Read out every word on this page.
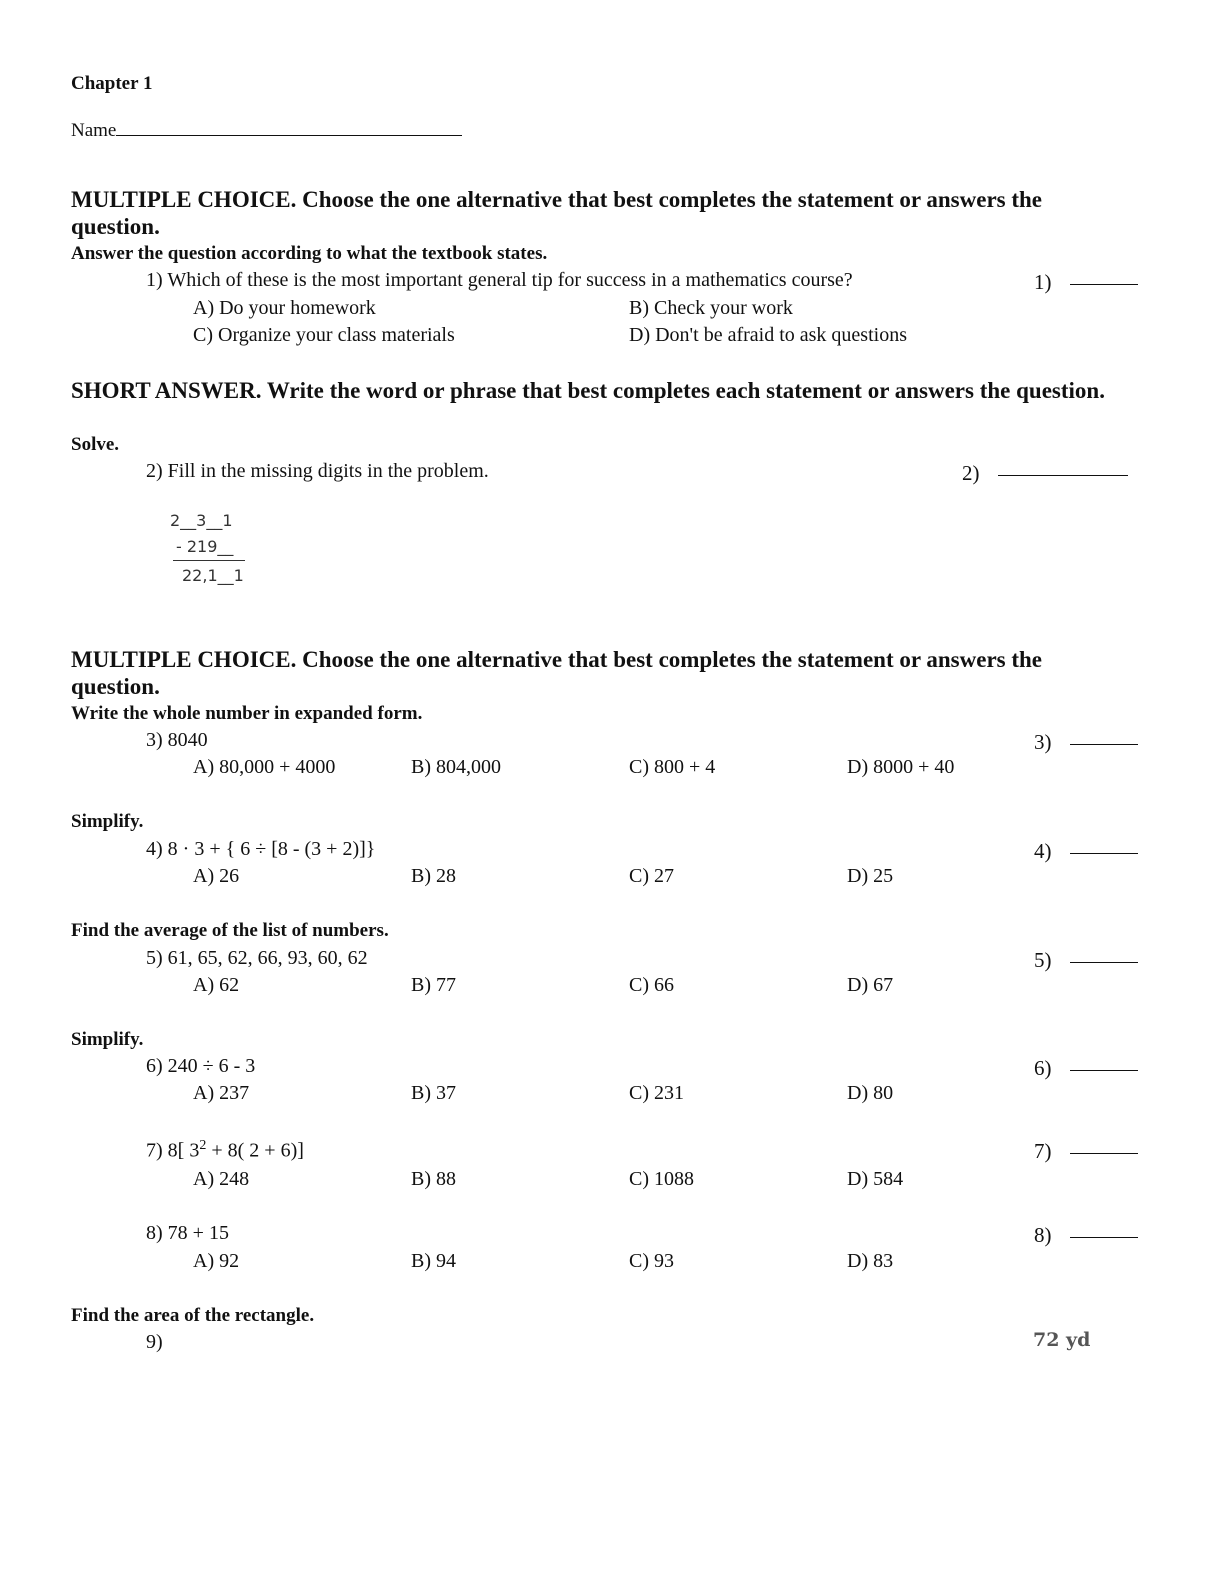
Chapter 1
Name
MULTIPLE CHOICE. Choose the one alternative that best completes the statement or answers the question.
Answer the question according to what the textbook states.
1) Which of these is the most important general tip for success in a mathematics course?	1)
A) Do your homework	B) Check your work
C) Organize your class materials	D) Don't be afraid to ask questions
SHORT ANSWER. Write the word or phrase that best completes each statement or answers the question.
Solve.
2) Fill in the missing digits in the problem.	2)
2__3__1
- 219__
22,1__1
MULTIPLE CHOICE. Choose the one alternative that best completes the statement or answers the question.
Write the whole number in expanded form.
3) 8040	3)
A) 80,000 + 4000	B) 804,000	C) 800 + 4	D) 8000 + 40
Simplify.
4) 8 · 3 + { 6 ÷ [8 - (3 + 2)]}	4)
A) 26	B) 28	C) 27	D) 25
Find the average of the list of numbers.
5) 61, 65, 62, 66, 93, 60, 62	5)
A) 62	B) 77	C) 66	D) 67
Simplify.
6) 240 ÷ 6 - 3	6)
A) 237	B) 37	C) 231	D) 80
7) 8[ $3^2 + 8$( 2 + 6)]	7)
A) 248	B) 88	C) 1088	D) 584
8) 78 + 15	8)
A) 92	B) 94	C) 93	D) 83
Find the area of the rectangle.
9)	72 yd
